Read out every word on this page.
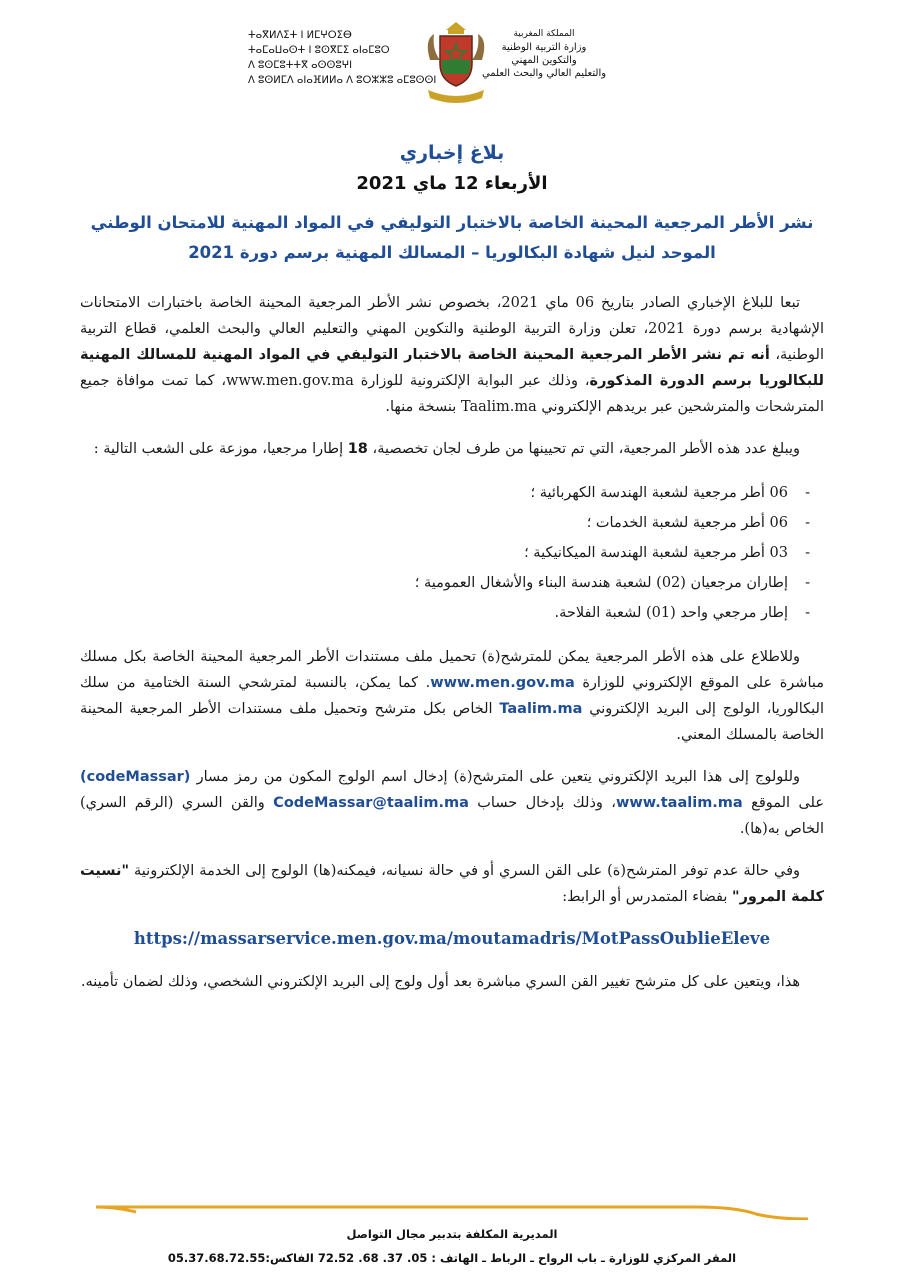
ⵜⴰⴳⵍⴷⵉⵜ ⵏ ⵍⵎⵖⵔⵉⴱ
ⵜⴰⵎⴰⵡⴰⵙⵜ ⵏ ⵓⵙⴳⵎⵉ ⴰⵏⴰⵎⵓⵔ
ⴷ ⵓⵙⵎⵓⵜⵜⴳ ⴰⵙⵙⵓⵖⵏ
ⴷ ⵓⵙⵍⵎⴷ ⴰⵏⴰⴼⵍⵍⴰ ⴷ ⵓⵔⵣⵣⵓ ⴰⵎⵓⵙⵙⵏ
المملكة المغربية
وزارة التربية الوطنية
والتكوين المهني
والتعليم العالي والبحث العلمي
بلاغ إخباري
الأربعاء 12 ماي 2021
نشر الأطر المرجعية المحينة الخاصة بالاختبار التوليفي في المواد المهنية للامتحان الوطني
الموحد لنيل شهادة البكالوريا – المسالك المهنية برسم دورة 2021

تبعا للبلاغ الإخباري الصادر بتاريخ 06 ماي 2021، بخصوص نشر الأطر المرجعية المحينة الخاصة باختبارات الامتحانات الإشهادية برسم دورة 2021، تعلن وزارة التربية الوطنية والتكوين المهني والتعليم العالي والبحث العلمي، قطاع التربية الوطنية، أنه تم نشر الأطر المرجعية المحينة الخاصة بالاختبار التوليفي في المواد المهنية للمسالك المهنية للبكالوريا برسم الدورة المذكورة، وذلك عبر البوابة الإلكترونية للوزارة www.men.gov.ma، كما تمت موافاة جميع المترشحات والمترشحين عبر بريدهم الإلكتروني Taalim.ma بنسخة منها.

ويبلغ عدد هذه الأطر المرجعية، التي تم تحيينها من طرف لجان تخصصية، 18 إطارا مرجعيا، موزعة على الشعب التالية :

- 06 أطر مرجعية لشعبة الهندسة الكهربائية ؛
- 06 أطر مرجعية لشعبة الخدمات ؛
- 03 أطر مرجعية لشعبة الهندسة الميكانيكية ؛
- إطاران مرجعيان (02) لشعبة هندسة البناء والأشغال العمومية ؛
- إطار مرجعي واحد (01) لشعبة الفلاحة.

وللاطلاع على هذه الأطر المرجعية يمكن للمترشح(ة) تحميل ملف مستندات الأطر المرجعية المحينة الخاصة بكل مسلك مباشرة على الموقع الإلكتروني للوزارة www.men.gov.ma. كما يمكن، بالنسبة لمترشحي السنة الختامية من سلك البكالوريا، الولوج إلى البريد الإلكتروني Taalim.ma الخاص بكل مترشح وتحميل ملف مستندات الأطر المرجعية المحينة الخاصة بالمسلك المعني.

وللولوج إلى هذا البريد الإلكتروني يتعين على المترشح(ة) إدخال اسم الولوج المكون من رمز مسار (codeMassar) على الموقع www.taalim.ma، وذلك بإدخال حساب CodeMassar@taalim.ma والقن السري (الرقم السري) الخاص به(ها).

وفي حالة عدم توفر المترشح(ة) على القن السري أو في حالة نسيانه، فيمكنه(ها) الولوج إلى الخدمة الإلكترونية "نسيت كلمة المرور" بفضاء المتمدرس أو الرابط:

https://massarservice.men.gov.ma/moutamadris/MotPassOublieEleve

هذا، ويتعين على كل مترشح تغيير القن السري مباشرة بعد أول ولوج إلى البريد الإلكتروني الشخصي، وذلك لضمان تأمينه.

المديرية المكلفة بتدبير مجال التواصل
المقر المركزي للوزارة ـ باب الرواح ـ الرباط ـ الهاتف : 05. 37. 68. 72.52 الفاكس:05.37.68.72.55
